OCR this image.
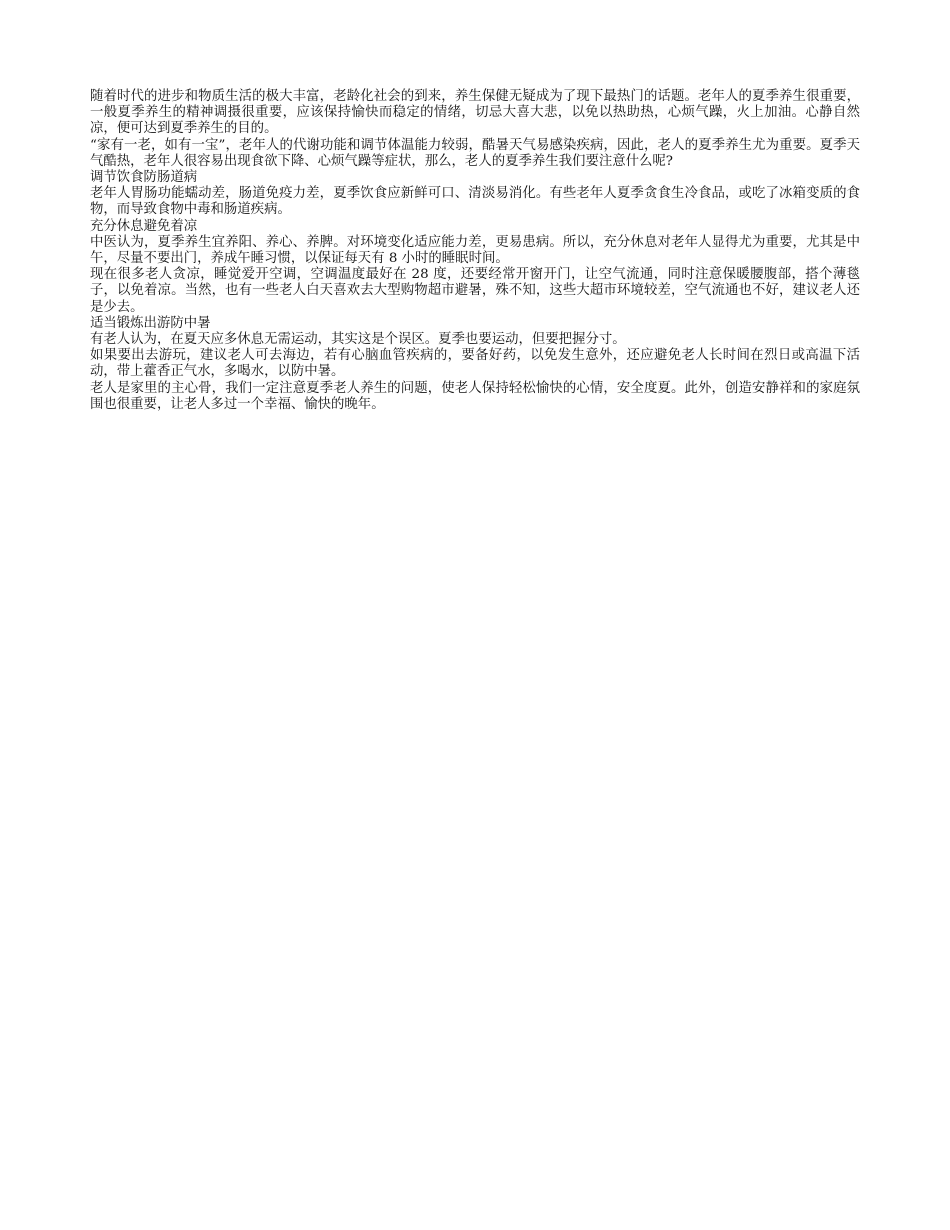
随着时代的进步和物质生活的极大丰富，老龄化社会的到来，养生保健无疑成为了现下最热门的话题。老年人的夏季养生很重要，一般夏季养生的精神调摄很重要，应该保持愉快而稳定的情绪，切忌大喜大悲，以免以热助热，心烦气躁，火上加油。心静自然凉，便可达到夏季养生的目的。

“家有一老，如有一宝”，老年人的代谢功能和调节体温能力较弱，酷暑天气易感染疾病，因此，老人的夏季养生尤为重要。夏季天气酷热，老年人很容易出现食欲下降、心烦气躁等症状，那么，老人的夏季养生我们要注意什么呢?

调节饮食防肠道病

老年人胃肠功能蠕动差，肠道免疫力差，夏季饮食应新鲜可口、清淡易消化。有些老年人夏季贪食生冷食品，或吃了冰箱变质的食物，而导致食物中毒和肠道疾病。

充分休息避免着凉

中医认为，夏季养生宜养阳、养心、养脾。对环境变化适应能力差，更易患病。所以，充分休息对老年人显得尤为重要，尤其是中午，尽量不要出门，养成午睡习惯，以保证每天有 8 小时的睡眠时间。

现在很多老人贪凉，睡觉爱开空调，空调温度最好在 28 度，还要经常开窗开门，让空气流通，同时注意保暖腰腹部，搭个薄毯子，以免着凉。当然，也有一些老人白天喜欢去大型购物超市避暑，殊不知，这些大超市环境较差，空气流通也不好，建议老人还是少去。

适当锻炼出游防中暑

有老人认为，在夏天应多休息无需运动，其实这是个误区。夏季也要运动，但要把握分寸。

如果要出去游玩，建议老人可去海边，若有心脑血管疾病的，要备好药，以免发生意外，还应避免老人长时间在烈日或高温下活动，带上藿香正气水，多喝水，以防中暑。

老人是家里的主心骨，我们一定注意夏季老人养生的问题，使老人保持轻松愉快的心情，安全度夏。此外，创造安静祥和的家庭氛围也很重要，让老人多过一个幸福、愉快的晚年。
